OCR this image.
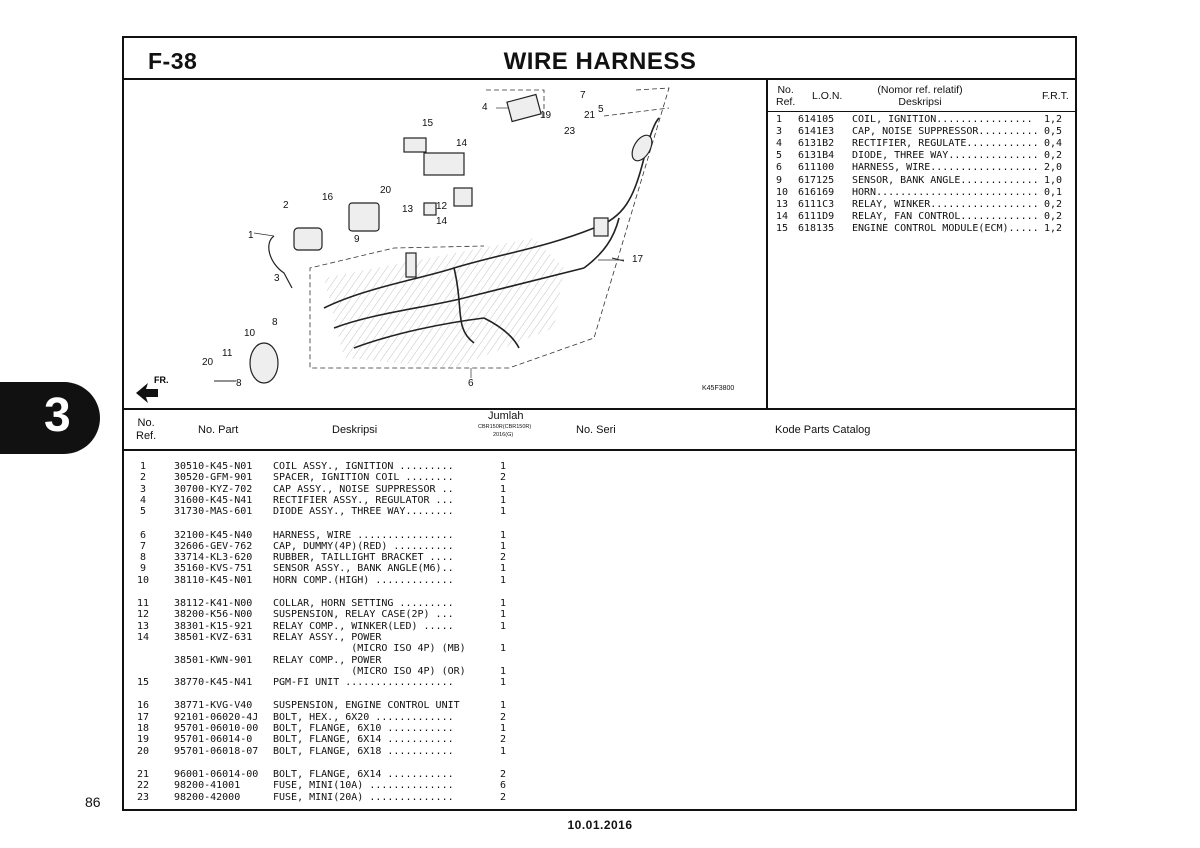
F-38	WIRE HARNESS
No.
Ref. L.O.N.	(Nomor ref. relatif)
Deskripsi	F.R.T.
1 614105 COIL, IGNITION................ 1,2
3 6141E3 CAP, NOISE SUPPRESSOR.......... 0,5
4 6131B2 RECTIFIER, REGULATE............ 0,4
5 6131B4 DIODE, THREE WAY............... 0,2
6 611100 HARNESS, WIRE.................. 2,0
9 617125 SENSOR, BANK ANGLE............. 1,0
10 616169 HORN........................... 0,1
13 6111C3 RELAY, WINKER.................. 0,2
14 6111D9 RELAY, FAN CONTROL............. 0,2
15 618135 ENGINE CONTROL MODULE(ECM)..... 1,2
FR.
4
7
5
21
19
23
15
14
20
16
2	13 12
14
1	9
17
3
8
10
11
20
8	6	K45F3800
No.
Ref.	No. Part	Deskripsi
Jumlah
CBR150R(CBR150R)
2016(G)	No. Seri	Kode Parts Catalog
1	30510-K45-N01 COIL ASSY., IGNITION .........	1
2	30520-GFM-901 SPACER, IGNITION COIL ........	2
3	30700-KYZ-702 CAP ASSY., NOISE SUPPRESSOR ..	1
4	31600-K45-N41 RECTIFIER ASSY., REGULATOR ...	1
5	31730-MAS-601 DIODE ASSY., THREE WAY........	1
6	32100-K45-N40 HARNESS, WIRE ................	1
7	32606-GEV-762 CAP, DUMMY(4P)(RED) ..........	1
8	33714-KL3-620 RUBBER, TAILLIGHT BRACKET ....	2
9	35160-KVS-751 SENSOR ASSY., BANK ANGLE(M6)..	1
10 38110-K45-N01 HORN COMP.(HIGH) .............	1
11 38112-K41-N00 COLLAR, HORN SETTING .........	1
12 38200-K56-N00 SUSPENSION, RELAY CASE(2P) ...	1
13 38301-K15-921 RELAY COMP., WINKER(LED) .....	1
14 38501-KVZ-631 RELAY ASSY., POWER
(MICRO ISO 4P) (MB)	1
38501-KWN-901 RELAY COMP., POWER
(MICRO ISO 4P) (OR)	1
15 38770-K45-N41 PGM-FI UNIT ..................	1
16 38771-KVG-V40 SUSPENSION, ENGINE CONTROL UNIT	1
17 92101-06020-4J BOLT, HEX., 6X20 .............	2
18 95701-06010-00 BOLT, FLANGE, 6X10 ...........	1
19 95701-06014-0 BOLT, FLANGE, 6X14 ...........	2
20 95701-06018-07 BOLT, FLANGE, 6X18 ...........	1
21 96001-06014-00 BOLT, FLANGE, 6X14 ...........	2
22 98200-41001	FUSE, MINI(10A) ..............	6
23 98200-42000	FUSE, MINI(20A) ..............	2
3
86
10.01.2016
